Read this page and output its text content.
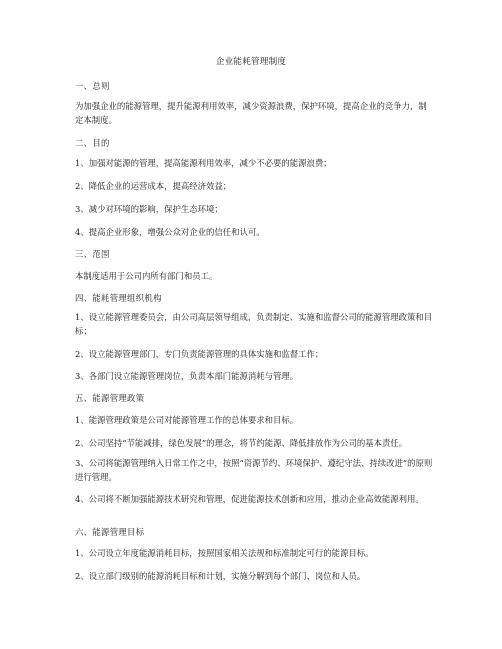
企业能耗管理制度
一、总则
为加强企业的能源管理，提升能源利用效率，减少资源浪费，保护环境，提高企业的竞争力，制定本制度。
二、目的
1、加强对能源的管理，提高能源利用效率，减少不必要的能源浪费；
2、降低企业的运营成本，提高经济效益；
3、减少对环境的影响，保护生态环境；
4、提高企业形象，增强公众对企业的信任和认可。
三、范围
本制度适用于公司内所有部门和员工。
四、能耗管理组织机构
1、设立能源管理委员会，由公司高层领导组成，负责制定、实施和监督公司的能源管理政策和目标；
2、设立能源管理部门，专门负责能源管理的具体实施和监督工作；
3、各部门设立能源管理岗位，负责本部门能源消耗与管理。
五、能源管理政策
1、能源管理政策是公司对能源管理工作的总体要求和目标。
2、公司坚持“节能减排，绿色发展”的理念，将节约能源、降低排放作为公司的基本责任。
3、公司将能源管理纳入日常工作之中，按照“资源节约、环境保护、遵纪守法、持续改进”的原则进行管理。
4、公司将不断加强能源技术研究和管理，促进能源技术创新和应用，推动企业高效能源利用。
六、能源管理目标
1、公司设立年度能源消耗目标，按照国家相关法规和标准制定可行的能源目标。
2、设立部门级别的能源消耗目标和计划，实施分解到每个部门、岗位和人员。
